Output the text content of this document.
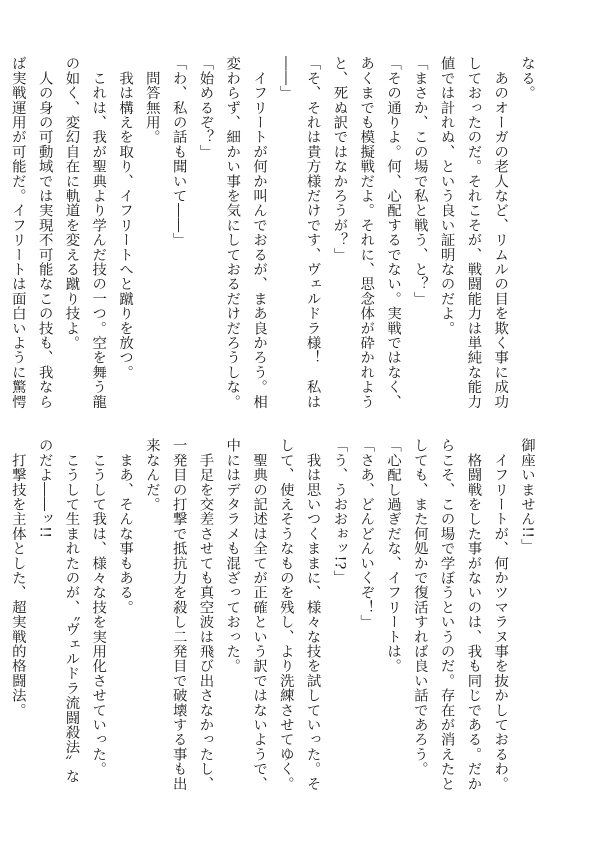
なる。
　あのオーガの老人など、リムルの目を欺く事に成功
しておったのだ。それこそが、戦闘能力は単純な能力
値では計れぬ、という良い証明なのだよ。
「まさか、この場で私と戦う、と？」
「その通りよ。何、心配するでない。実戦ではなく、
あくまでも模擬戦だよ。それに、思念体が砕かれよう
と、死ぬ訳ではなかろうが？」
「そ、それは貴方様だけです、ヴェルドラ様！　私は
――」
　イフリートが何か叫んでおるが、まあ良かろう。相
変わらず、細かい事を気にしておるだけだろうしな。
「始めるぞ？」
「わ、私の話も聞いて――」
　問答無用。
　我は構えを取り、イフリートへと蹴りを放つ。
　これは、我が聖典より学んだ技の一つ。空を舞う龍
の如く、変幻自在に軌道を変える蹴り技よ。
　人の身の可動域では実現不可能なこの技も、我なら
ば実戦運用が可能だ。イフリートは面白いように驚愕
御座いません!!」
　イフリートが、何かツマラヌ事を抜かしておるわ。
　格闘戦をした事がないのは、我も同じである。だか
らこそ、この場で学ぼうというのだ。存在が消えたと
しても、また何処かで復活すれば良い話であろう。
「心配し過ぎだな、イフリートは。
「さあ、どんどんいくぞ！」
「う、うおおぉッ!?」
　我は思いつくままに、様々な技を試していった。そ
して、使えそうなものを残し、より洗練させてゆく。
　聖典の記述は全てが正確という訳ではないようで、
中にはデタラメも混ざっておった。
　手足を交差させても真空波は飛び出さなかったし、
一発目の打撃で抵抗力を殺し二発目で破壊する事も出
来なんだ。
　まあ、そんな事もある。
　こうして我は、様々な技を実用化させていった。
　こうして生まれたのが、〝ヴェルドラ流闘殺法〟な
のだよ――ッ!!
　打撃技を主体とした、超実戦的格闘法。
